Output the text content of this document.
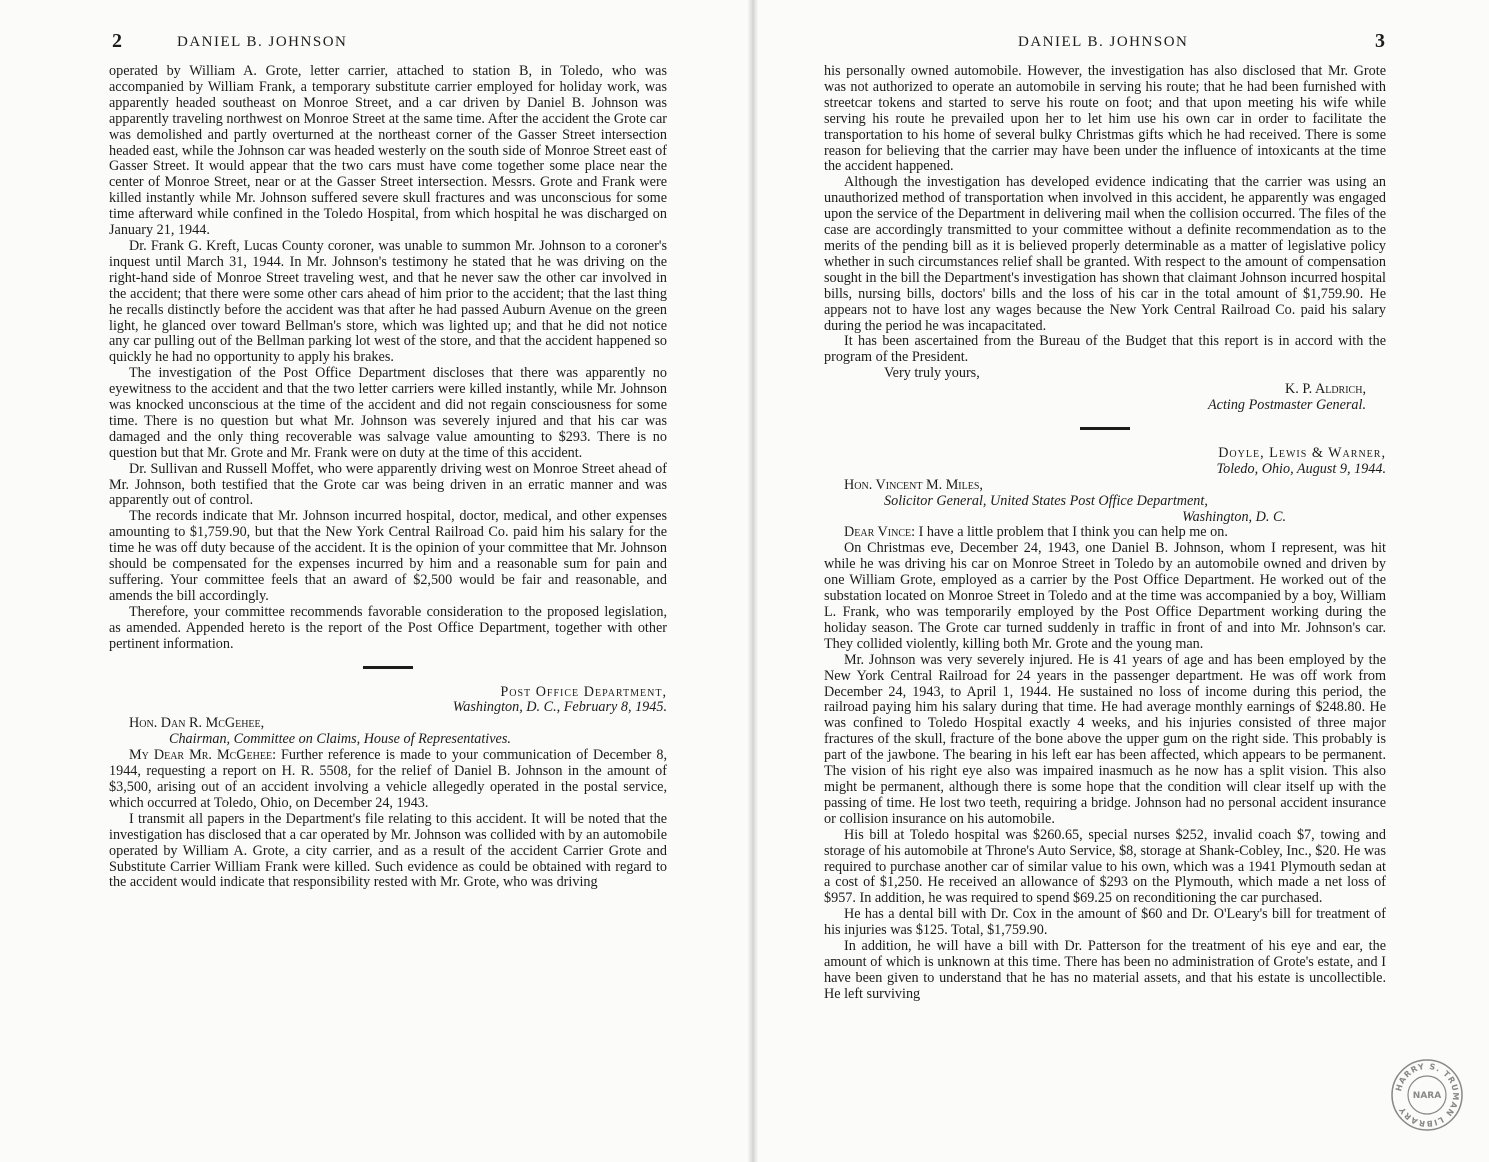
2	DANIEL B. JOHNSON

operated by William A. Grote, letter carrier, attached to station B, in Toledo, who was accompanied by William Frank, a temporary substitute carrier employed for holiday work, was apparently headed southeast on Monroe Street, and a car driven by Daniel B. Johnson was apparently traveling northwest on Monroe Street at the same time. After the accident the Grote car was demolished and partly overturned at the northeast corner of the Gasser Street intersection headed east, while the Johnson car was headed westerly on the south side of Monroe Street east of Gasser Street. It would appear that the two cars must have come together some place near the center of Monroe Street, near or at the Gasser Street intersection. Messrs. Grote and Frank were killed instantly while Mr. Johnson suffered severe skull fractures and was unconscious for some time afterward while confined in the Toledo Hospital, from which hospital he was discharged on January 21, 1944.

Dr. Frank G. Kreft, Lucas County coroner, was unable to summon Mr. Johnson to a coroner's inquest until March 31, 1944. In Mr. Johnson's testimony he stated that he was driving on the right-hand side of Monroe Street traveling west, and that he never saw the other car involved in the accident; that there were some other cars ahead of him prior to the accident; that the last thing he recalls distinctly before the accident was that after he had passed Auburn Avenue on the green light, he glanced over toward Bellman's store, which was lighted up; and that he did not notice any car pulling out of the Bellman parking lot west of the store, and that the accident happened so quickly he had no opportunity to apply his brakes.

The investigation of the Post Office Department discloses that there was apparently no eyewitness to the accident and that the two letter carriers were killed instantly, while Mr. Johnson was knocked unconscious at the time of the accident and did not regain consciousness for some time. There is no question but what Mr. Johnson was severely injured and that his car was damaged and the only thing recoverable was salvage value amounting to $293. There is no question but that Mr. Grote and Mr. Frank were on duty at the time of this accident.

Dr. Sullivan and Russell Moffet, who were apparently driving west on Monroe Street ahead of Mr. Johnson, both testified that the Grote car was being driven in an erratic manner and was apparently out of control.

The records indicate that Mr. Johnson incurred hospital, doctor, medical, and other expenses amounting to $1,759.90, but that the New York Central Railroad Co. paid him his salary for the time he was off duty because of the accident. It is the opinion of your committee that Mr. Johnson should be compensated for the expenses incurred by him and a reasonable sum for pain and suffering. Your committee feels that an award of $2,500 would be fair and reasonable, and amends the bill accordingly.

Therefore, your committee recommends favorable consideration to the proposed legislation, as amended. Appended hereto is the report of the Post Office Department, together with other pertinent information.

Post Office Department,
Washington, D. C., February 8, 1945.

Hon. Dan R. McGehee,
Chairman, Committee on Claims, House of Representatives.

My Dear Mr. McGehee: Further reference is made to your communication of December 8, 1944, requesting a report on H. R. 5508, for the relief of Daniel B. Johnson in the amount of $3,500, arising out of an accident involving a vehicle allegedly operated in the postal service, which occurred at Toledo, Ohio, on December 24, 1943.

I transmit all papers in the Department's file relating to this accident. It will be noted that the investigation has disclosed that a car operated by Mr. Johnson was collided with by an automobile operated by William A. Grote, a city carrier, and as a result of the accident Carrier Grote and Substitute Carrier William Frank were killed. Such evidence as could be obtained with regard to the accident would indicate that responsibility rested with Mr. Grote, who was driving

DANIEL B. JOHNSON	3

his personally owned automobile. However, the investigation has also disclosed that Mr. Grote was not authorized to operate an automobile in serving his route; that he had been furnished with streetcar tokens and started to serve his route on foot; and that upon meeting his wife while serving his route he prevailed upon her to let him use his own car in order to facilitate the transportation to his home of several bulky Christmas gifts which he had received. There is some reason for believing that the carrier may have been under the influence of intoxicants at the time the accident happened.

Although the investigation has developed evidence indicating that the carrier was using an unauthorized method of transportation when involved in this accident, he apparently was engaged upon the service of the Department in delivering mail when the collision occurred. The files of the case are accordingly transmitted to your committee without a definite recommendation as to the merits of the pending bill as it is believed properly determinable as a matter of legislative policy whether in such circumstances relief shall be granted. With respect to the amount of compensation sought in the bill the Department's investigation has shown that claimant Johnson incurred hospital bills, nursing bills, doctors' bills and the loss of his car in the total amount of $1,759.90. He appears not to have lost any wages because the New York Central Railroad Co. paid his salary during the period he was incapacitated.

It has been ascertained from the Bureau of the Budget that this report is in accord with the program of the President.

Very truly yours,

K. P. Aldrich,
Acting Postmaster General.

Doyle, Lewis & Warner,
Toledo, Ohio, August 9, 1944.

Hon. Vincent M. Miles,
Solicitor General, United States Post Office Department,
Washington, D. C.

Dear Vince: I have a little problem that I think you can help me on.

On Christmas eve, December 24, 1943, one Daniel B. Johnson, whom I represent, was hit while he was driving his car on Monroe Street in Toledo by an automobile owned and driven by one William Grote, employed as a carrier by the Post Office Department. He worked out of the substation located on Monroe Street in Toledo and at the time was accompanied by a boy, William L. Frank, who was temporarily employed by the Post Office Department working during the holiday season. The Grote car turned suddenly in traffic in front of and into Mr. Johnson's car. They collided violently, killing both Mr. Grote and the young man.

Mr. Johnson was very severely injured. He is 41 years of age and has been employed by the New York Central Railroad for 24 years in the passenger department. He was off work from December 24, 1943, to April 1, 1944. He sustained no loss of income during this period, the railroad paying him his salary during that time. He had average monthly earnings of $248.80. He was confined to Toledo Hospital exactly 4 weeks, and his injuries consisted of three major fractures of the skull, fracture of the bone above the upper gum on the right side. This probably is part of the jawbone. The bearing in his left ear has been affected, which appears to be permanent. The vision of his right eye also was impaired inasmuch as he now has a split vision. This also might be permanent, although there is some hope that the condition will clear itself up with the passing of time. He lost two teeth, requiring a bridge. Johnson had no personal accident insurance or collision insurance on his automobile.

His bill at Toledo hospital was $260.65, special nurses $252, invalid coach $7, towing and storage of his automobile at Throne's Auto Service, $8, storage at Shank-Cobley, Inc., $20. He was required to purchase another car of similar value to his own, which was a 1941 Plymouth sedan at a cost of $1,250. He received an allowance of $293 on the Plymouth, which made a net loss of $957. In addition, he was required to spend $69.25 on reconditioning the car purchased.

He has a dental bill with Dr. Cox in the amount of $60 and Dr. O'Leary's bill for treatment of his injuries was $125. Total, $1,759.90.

In addition, he will have a bill with Dr. Patterson for the treatment of his eye and ear, the amount of which is unknown at this time. There has been no administration of Grote's estate, and I have been given to understand that he has no material assets, and that his estate is uncollectible. He left surviving

HARRY S. TRUMAN LIBRARY
NARA
